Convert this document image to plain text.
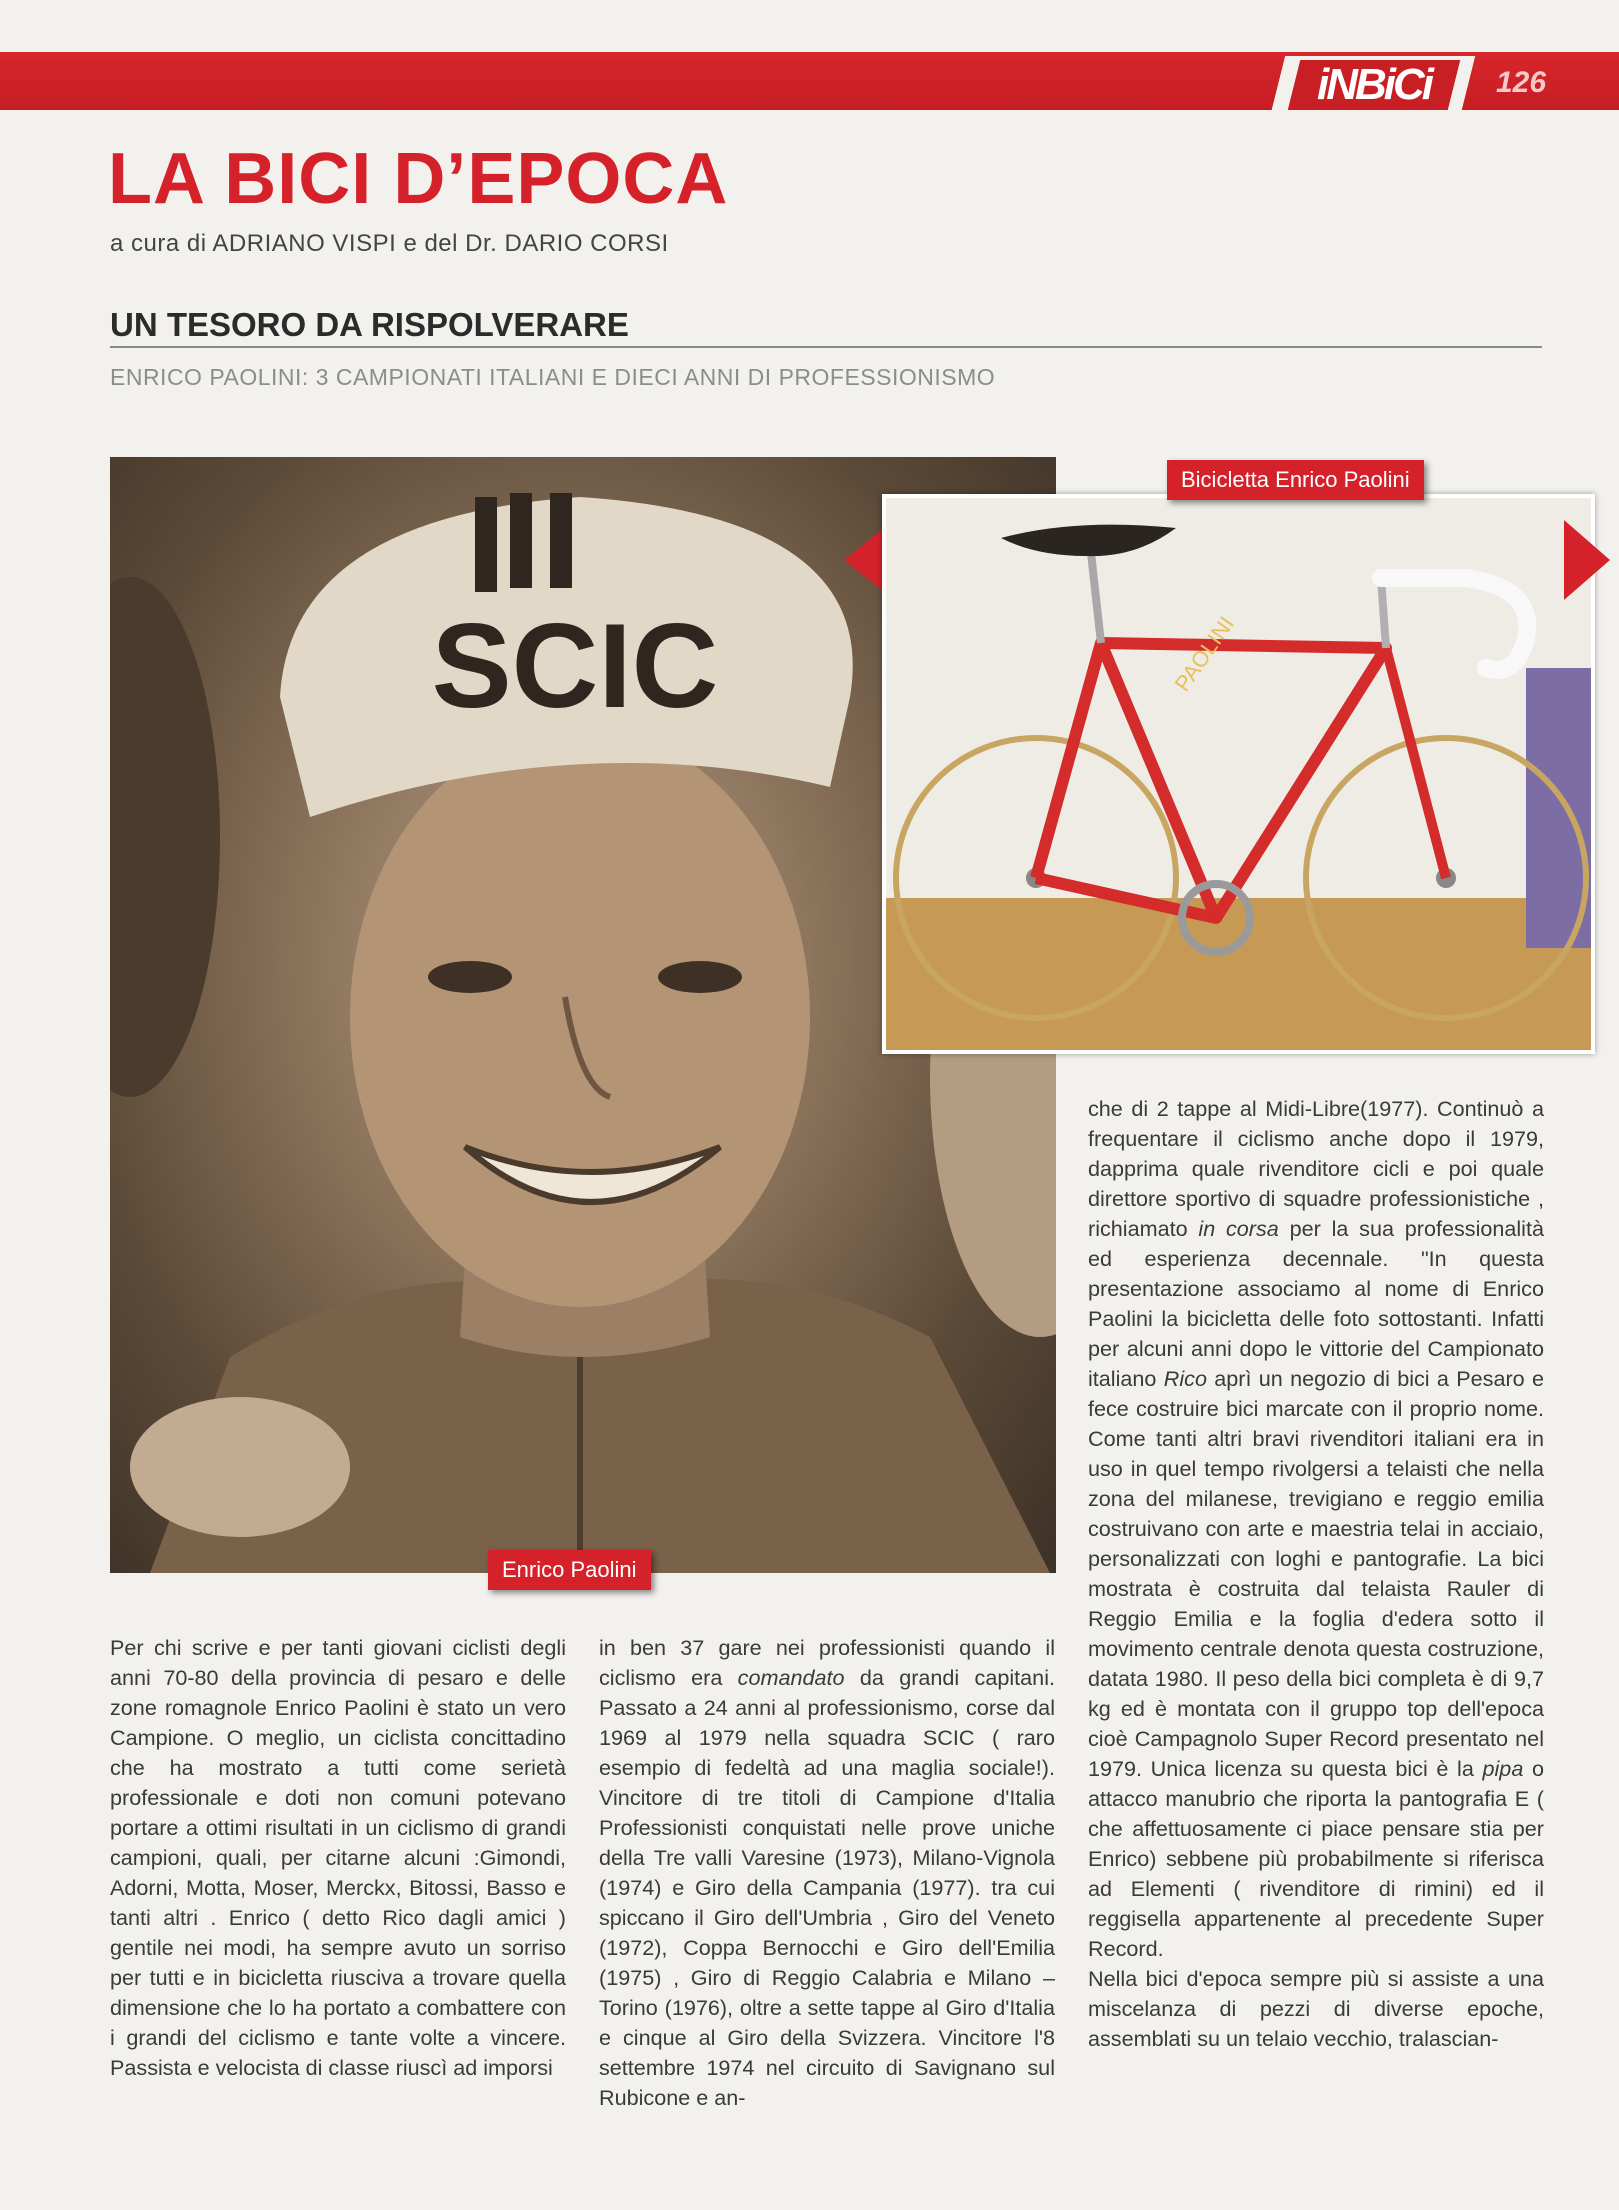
iNBiCi	126
LA BICI D’EPOCA

a cura di ADRIANO VISPI e del Dr. DARIO CORSI

UN TESORO DA RISPOLVERARE

ENRICO PAOLINI: 3 CAMPIONATI ITALIANI E DIECI ANNI DI PROFESSIONISMO

SCIC
Enrico Paolini
PAOLINI
Bicicletta Enrico Paolini

Per chi scrive e per tanti giovani ciclisti degli anni 70-80 della provincia di pesaro e delle zone romagnole Enrico Paolini è stato un vero Campione. O meglio, un ciclista concittadino che ha mostrato a tutti come serietà professionale e doti non comuni potevano portare a ottimi risultati in un ciclismo di grandi campioni, quali, per citarne alcuni :Gimondi, Adorni, Motta, Moser, Merckx, Bitossi, Basso e tanti altri . Enrico ( detto Rico dagli amici ) gentile nei modi, ha sempre avuto un sorriso per tutti e in bicicletta riusciva a trovare quella dimensione che lo ha portato a combattere con i grandi del ciclismo e tante volte a vincere. Passista e velocista di classe riuscì ad imporsi

in ben 37 gare nei professionisti quando il ciclismo era comandato da grandi capitani. Passato a 24 anni al professionismo, corse dal 1969 al 1979 nella squadra SCIC ( raro esempio di fedeltà ad una maglia sociale!). Vincitore di tre titoli di Campione d'Italia Professionisti conquistati nelle prove uniche della Tre valli Varesine (1973), Milano-Vignola (1974) e Giro della Campania (1977). tra cui spiccano il Giro dell'Umbria , Giro del Veneto (1972), Coppa Bernocchi e Giro dell'Emilia (1975) , Giro di Reggio Calabria e Milano –Torino (1976), oltre a sette tappe al Giro d'Italia e cinque al Giro della Svizzera. Vincitore l'8 settembre 1974 nel circuito di Savignano sul Rubicone e an-

che di 2 tappe al Midi-Libre(1977). Continuò a frequentare il ciclismo anche dopo il 1979, dapprima quale rivenditore cicli e poi quale direttore sportivo di squadre professionistiche , richiamato in corsa per la sua professionalità ed esperienza decennale. "In questa presentazione associamo al nome di Enrico Paolini la bicicletta delle foto sottostanti. Infatti per alcuni anni dopo le vittorie del Campionato italiano Rico aprì un negozio di bici a Pesaro e fece costruire bici marcate con il proprio nome. Come tanti altri bravi rivenditori italiani era in uso in quel tempo rivolgersi a telaisti che nella zona del milanese, trevigiano e reggio emilia costruivano con arte e maestria telai in acciaio, personalizzati con loghi e pantografie. La bici mostrata è costruita dal telaista Rauler di Reggio Emilia e la foglia d'edera sotto il movimento centrale denota questa costruzione, datata 1980. Il peso della bici completa è di 9,7 kg ed è montata con il gruppo top dell'epoca cioè Campagnolo Super Record presentato nel 1979. Unica licenza su questa bici è la pipa o attacco manubrio che riporta la pantografia E ( che affettuosamente ci piace pensare stia per Enrico) sebbene più probabilmente si riferisca ad Elementi ( rivenditore di rimini) ed il reggisella appartenente al precedente Super Record.

Nella bici d'epoca sempre più si assiste a una miscelanza di pezzi di diverse epoche, assemblati su un telaio vecchio, tralascian-
